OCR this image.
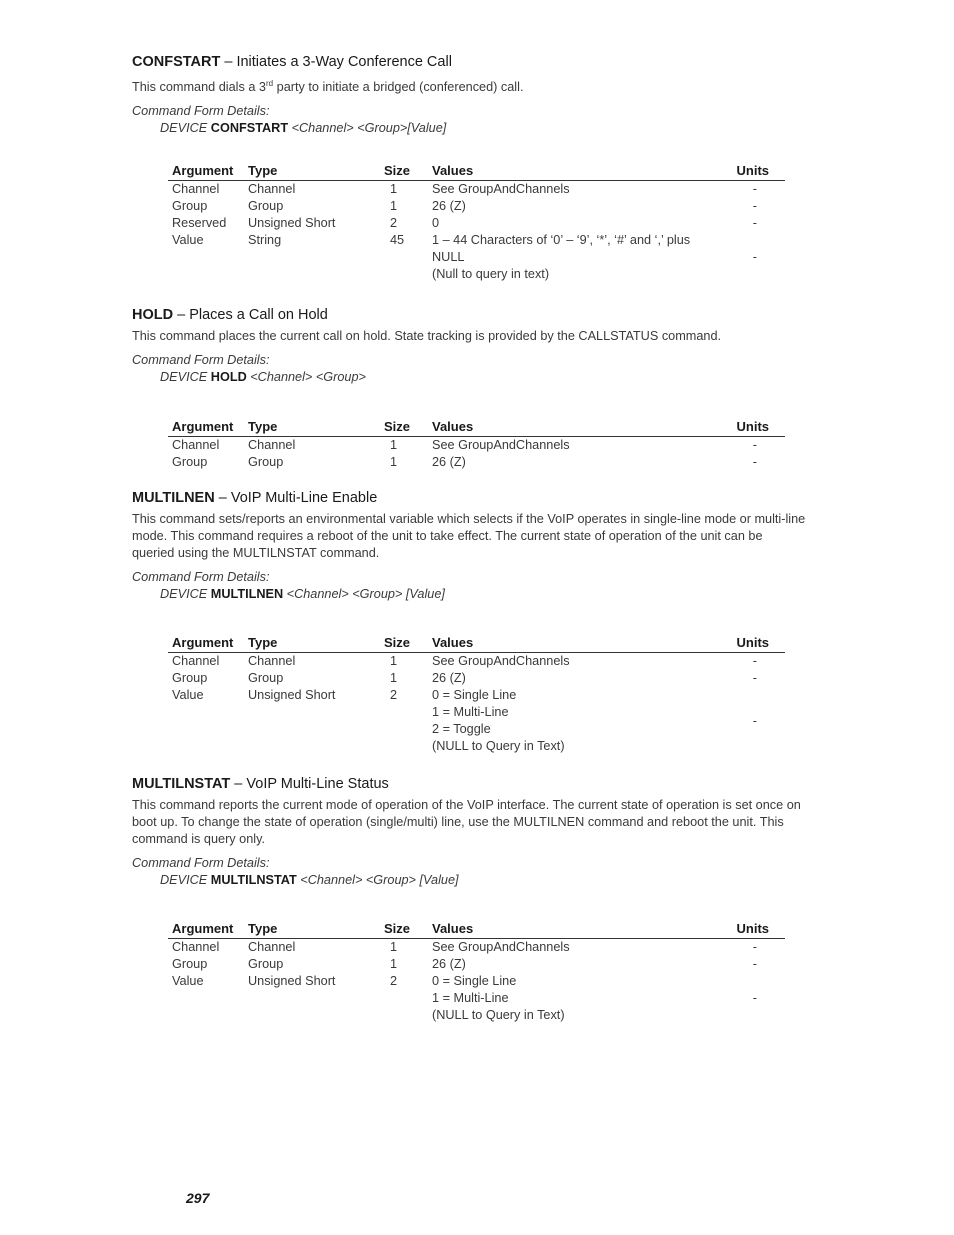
CONFSTART – Initiates a 3-Way Conference Call

This command dials a 3rd party to initiate a bridged (conferenced) call.

Command Form Details:
DEVICE CONFSTART <Channel> <Group>[Value]
Argument	Type	Size	Values	Units
Channel	Channel	1	See GroupAndChannels	-
Group	Group	1	26 (Z)	-
Reserved	Unsigned Short	2	0	-
Value	String	45	1 – 44 Characters of ‘0’ – ‘9’, ‘*’, ‘#’ and ‘,’ plus
NULL
(Null to query in text)	-

HOLD – Places a Call on Hold

This command places the current call on hold. State tracking is provided by the CALLSTATUS command.

Command Form Details:
DEVICE HOLD <Channel> <Group>
Argument	Type	Size	Values	Units
Channel	Channel	1	See GroupAndChannels	-
Group	Group	1	26 (Z)	-

MULTILNEN – VoIP Multi-Line Enable

This command sets/reports an environmental variable which selects if the VoIP operates in single-line mode or multi-line mode. This command requires a reboot of the unit to take effect. The current state of operation of the unit can be queried using the MULTILNSTAT command.

Command Form Details:
DEVICE MULTILNEN <Channel> <Group> [Value]
Argument	Type	Size	Values	Units
Channel	Channel	1	See GroupAndChannels	-
Group	Group	1	26 (Z)	-
Value	Unsigned Short	2	0 = Single Line
1 = Multi-Line
2 = Toggle
(NULL to Query in Text)	-

MULTILNSTAT – VoIP Multi-Line Status

This command reports the current mode of operation of the VoIP interface. The current state of operation is set once on boot up. To change the state of operation (single/multi) line, use the MULTILNEN command and reboot the unit. This command is query only.

Command Form Details:
DEVICE MULTILNSTAT <Channel> <Group> [Value]
Argument	Type	Size	Values	Units
Channel	Channel	1	See GroupAndChannels	-
Group	Group	1	26 (Z)	-
Value	Unsigned Short	2	0 = Single Line
1 = Multi-Line
(NULL to Query in Text)	-
297
